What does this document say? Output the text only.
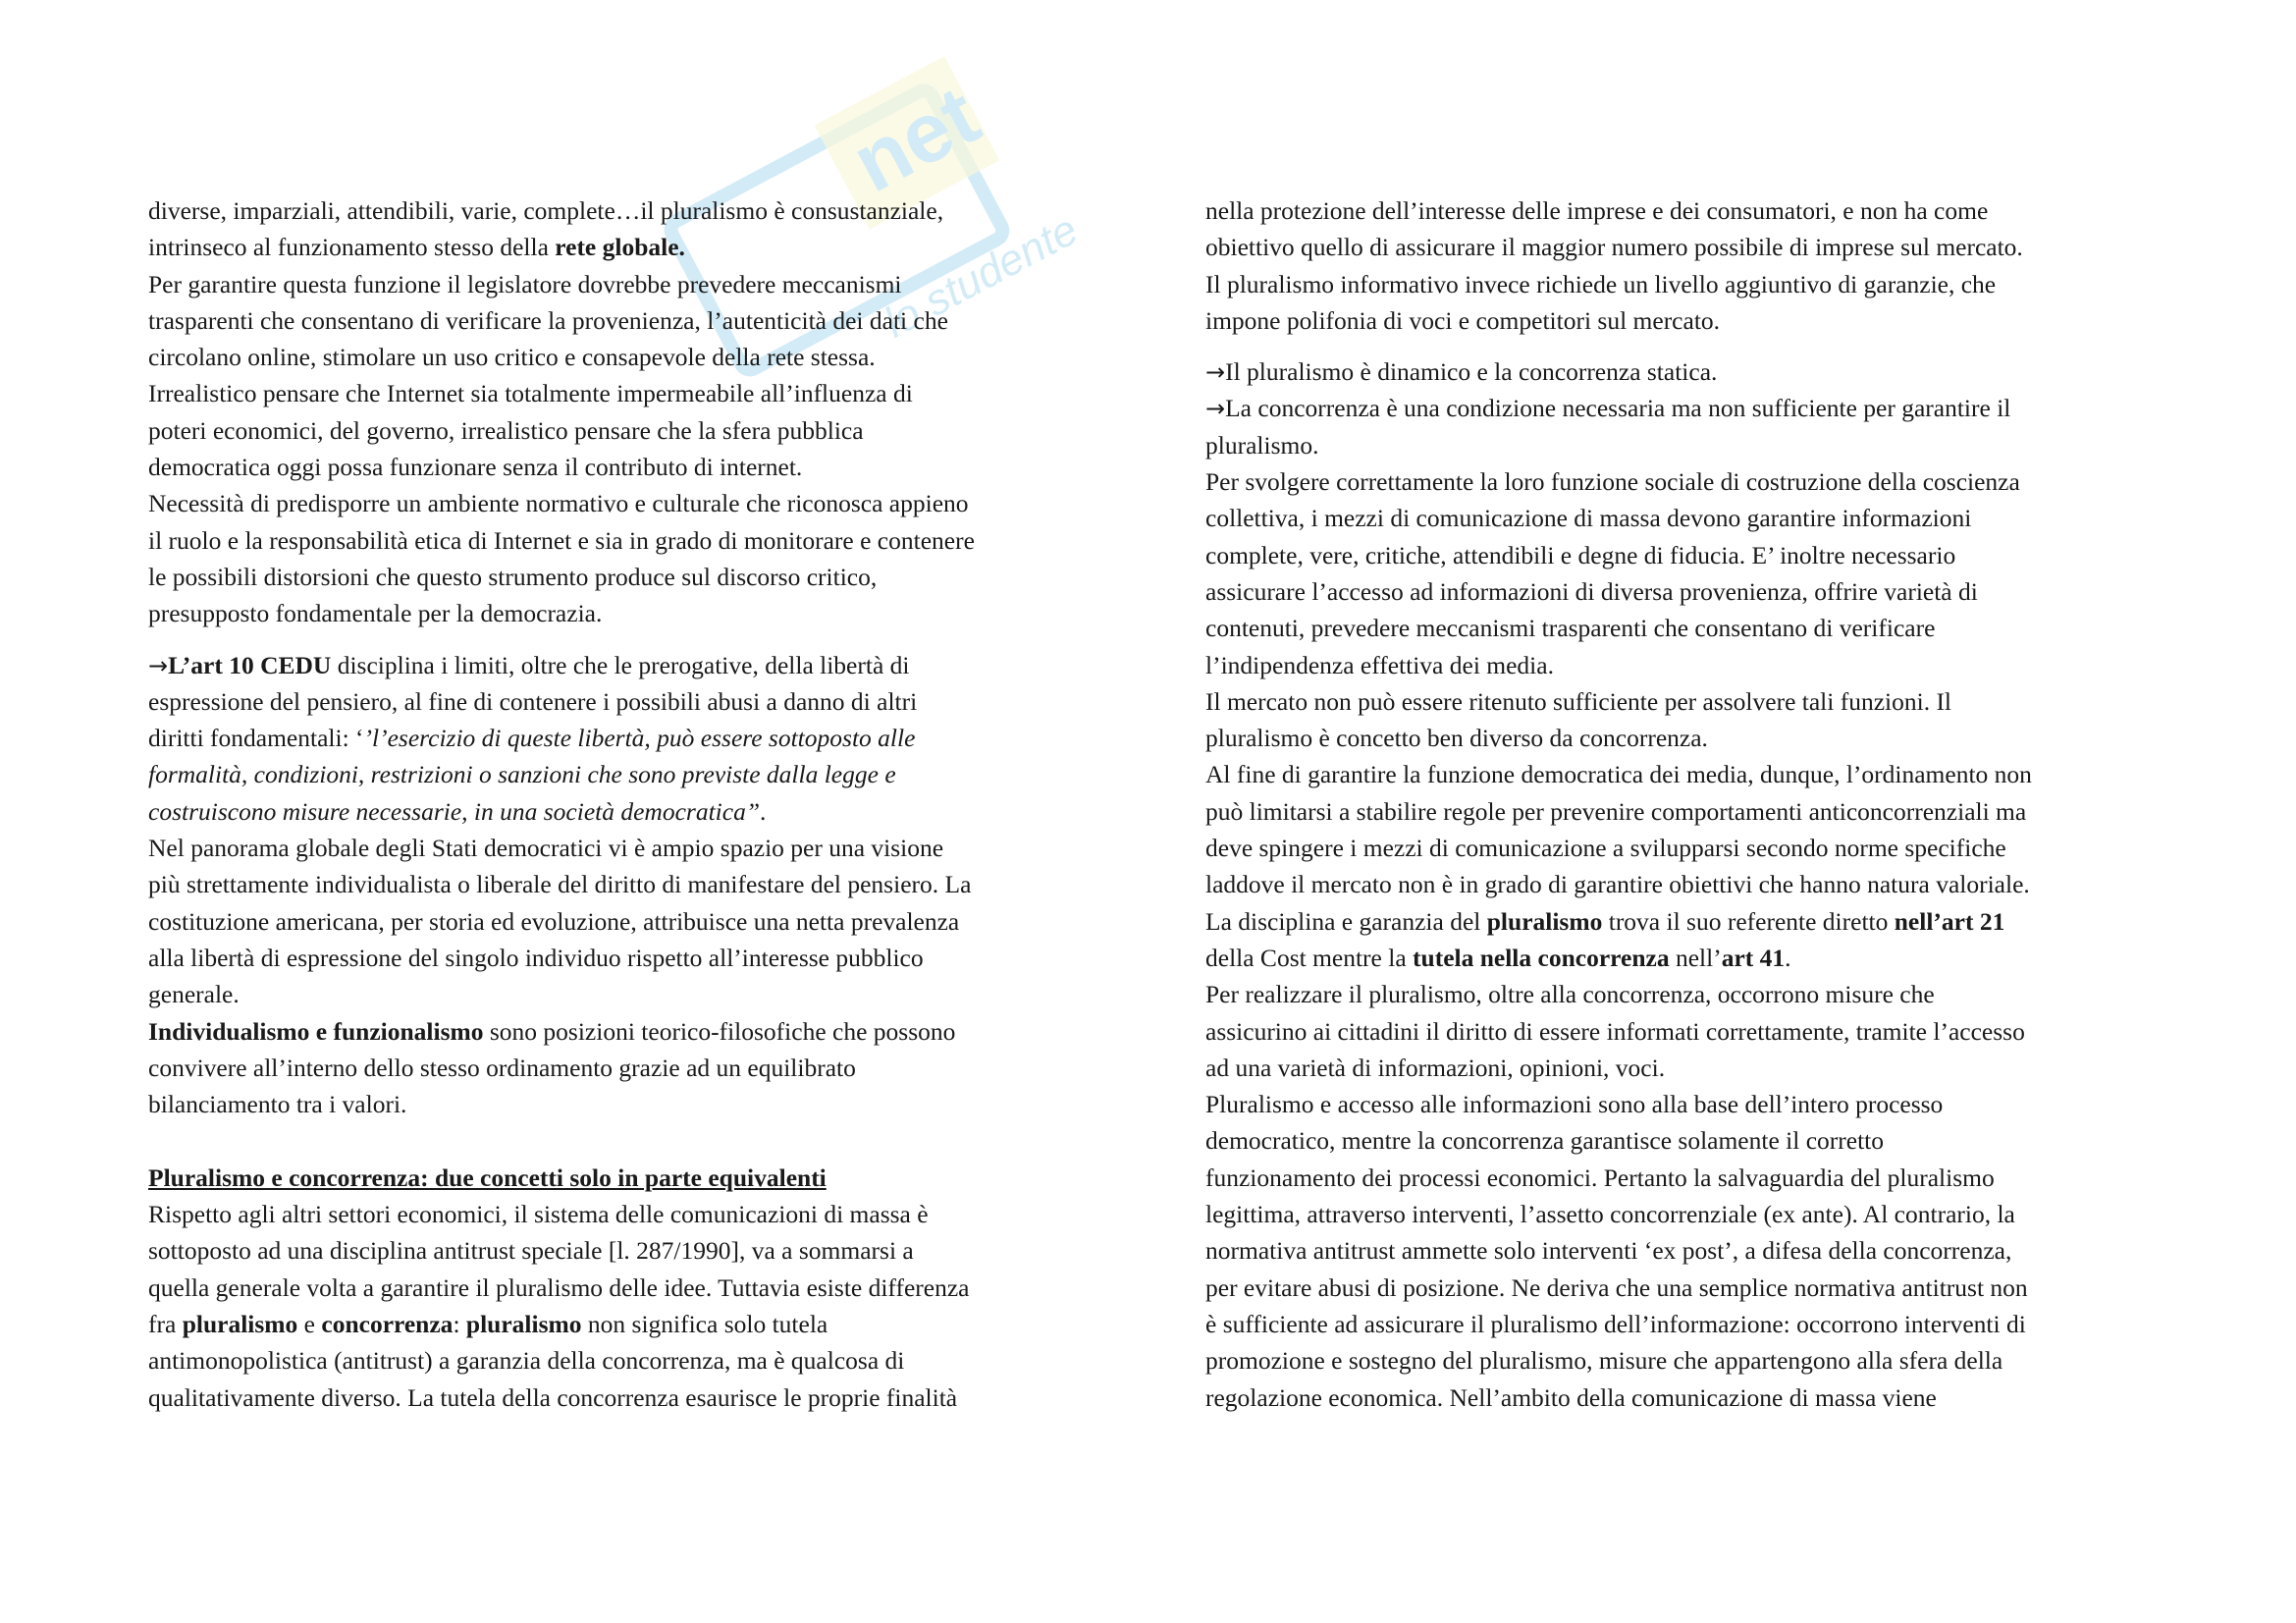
net
lo studente
diverse, imparziali, attendibili, varie, complete…il pluralismo è consustanziale,
intrinseco al funzionamento stesso della rete globale.
Per garantire questa funzione il legislatore dovrebbe prevedere meccanismi
trasparenti che consentano di verificare la provenienza, l’autenticità dei dati che
circolano online, stimolare un uso critico e consapevole della rete stessa.
Irrealistico pensare che Internet sia totalmente impermeabile all’influenza di
poteri economici, del governo, irrealistico pensare che la sfera pubblica
democratica oggi possa funzionare senza il contributo di internet.
Necessità di predisporre un ambiente normativo e culturale che riconosca appieno
il ruolo e la responsabilità etica di Internet e sia in grado di monitorare e contenere
le possibili distorsioni che questo strumento produce sul discorso critico,
presupposto fondamentale per la democrazia.
→L’art 10 CEDU disciplina i limiti, oltre che le prerogative, della libertà di
espressione del pensiero, al fine di contenere i possibili abusi a danno di altri
diritti fondamentali: ‘’l’esercizio di queste libertà, può essere sottoposto alle
formalità, condizioni, restrizioni o sanzioni che sono previste dalla legge e
costruiscono misure necessarie, in una società democratica”.
Nel panorama globale degli Stati democratici vi è ampio spazio per una visione
più strettamente individualista o liberale del diritto di manifestare del pensiero. La
costituzione americana, per storia ed evoluzione, attribuisce una netta prevalenza
alla libertà di espressione del singolo individuo rispetto all’interesse pubblico
generale.
Individualismo e funzionalismo sono posizioni teorico-filosofiche che possono
convivere all’interno dello stesso ordinamento grazie ad un equilibrato
bilanciamento tra i valori.
Pluralismo e concorrenza: due concetti solo in parte equivalenti
Rispetto agli altri settori economici, il sistema delle comunicazioni di massa è
sottoposto ad una disciplina antitrust speciale [l. 287/1990], va a sommarsi a
quella generale volta a garantire il pluralismo delle idee. Tuttavia esiste differenza
fra pluralismo e concorrenza: pluralismo non significa solo tutela
antimonopolistica (antitrust) a garanzia della concorrenza, ma è qualcosa di
qualitativamente diverso. La tutela della concorrenza esaurisce le proprie finalità
nella protezione dell’interesse delle imprese e dei consumatori, e non ha come
obiettivo quello di assicurare il maggior numero possibile di imprese sul mercato.
Il pluralismo informativo invece richiede un livello aggiuntivo di garanzie, che
impone polifonia di voci e competitori sul mercato.
→Il pluralismo è dinamico e la concorrenza statica.
→La concorrenza è una condizione necessaria ma non sufficiente per garantire il
pluralismo.
Per svolgere correttamente la loro funzione sociale di costruzione della coscienza
collettiva, i mezzi di comunicazione di massa devono garantire informazioni
complete, vere, critiche, attendibili e degne di fiducia. E’ inoltre necessario
assicurare l’accesso ad informazioni di diversa provenienza, offrire varietà di
contenuti, prevedere meccanismi trasparenti che consentano di verificare
l’indipendenza effettiva dei media.
Il mercato non può essere ritenuto sufficiente per assolvere tali funzioni. Il
pluralismo è concetto ben diverso da concorrenza.
Al fine di garantire la funzione democratica dei media, dunque, l’ordinamento non
può limitarsi a stabilire regole per prevenire comportamenti anticoncorrenziali ma
deve spingere i mezzi di comunicazione a svilupparsi secondo norme specifiche
laddove il mercato non è in grado di garantire obiettivi che hanno natura valoriale.
La disciplina e garanzia del pluralismo trova il suo referente diretto nell’art 21
della Cost mentre la tutela nella concorrenza nell’art 41.
Per realizzare il pluralismo, oltre alla concorrenza, occorrono misure che
assicurino ai cittadini il diritto di essere informati correttamente, tramite l’accesso
ad una varietà di informazioni, opinioni, voci.
Pluralismo e accesso alle informazioni sono alla base dell’intero processo
democratico, mentre la concorrenza garantisce solamente il corretto
funzionamento dei processi economici. Pertanto la salvaguardia del pluralismo
legittima, attraverso interventi, l’assetto concorrenziale (ex ante). Al contrario, la
normativa antitrust ammette solo interventi ‘ex post’, a difesa della concorrenza,
per evitare abusi di posizione. Ne deriva che una semplice normativa antitrust non
è sufficiente ad assicurare il pluralismo dell’informazione: occorrono interventi di
promozione e sostegno del pluralismo, misure che appartengono alla sfera della
regolazione economica. Nell’ambito della comunicazione di massa viene
